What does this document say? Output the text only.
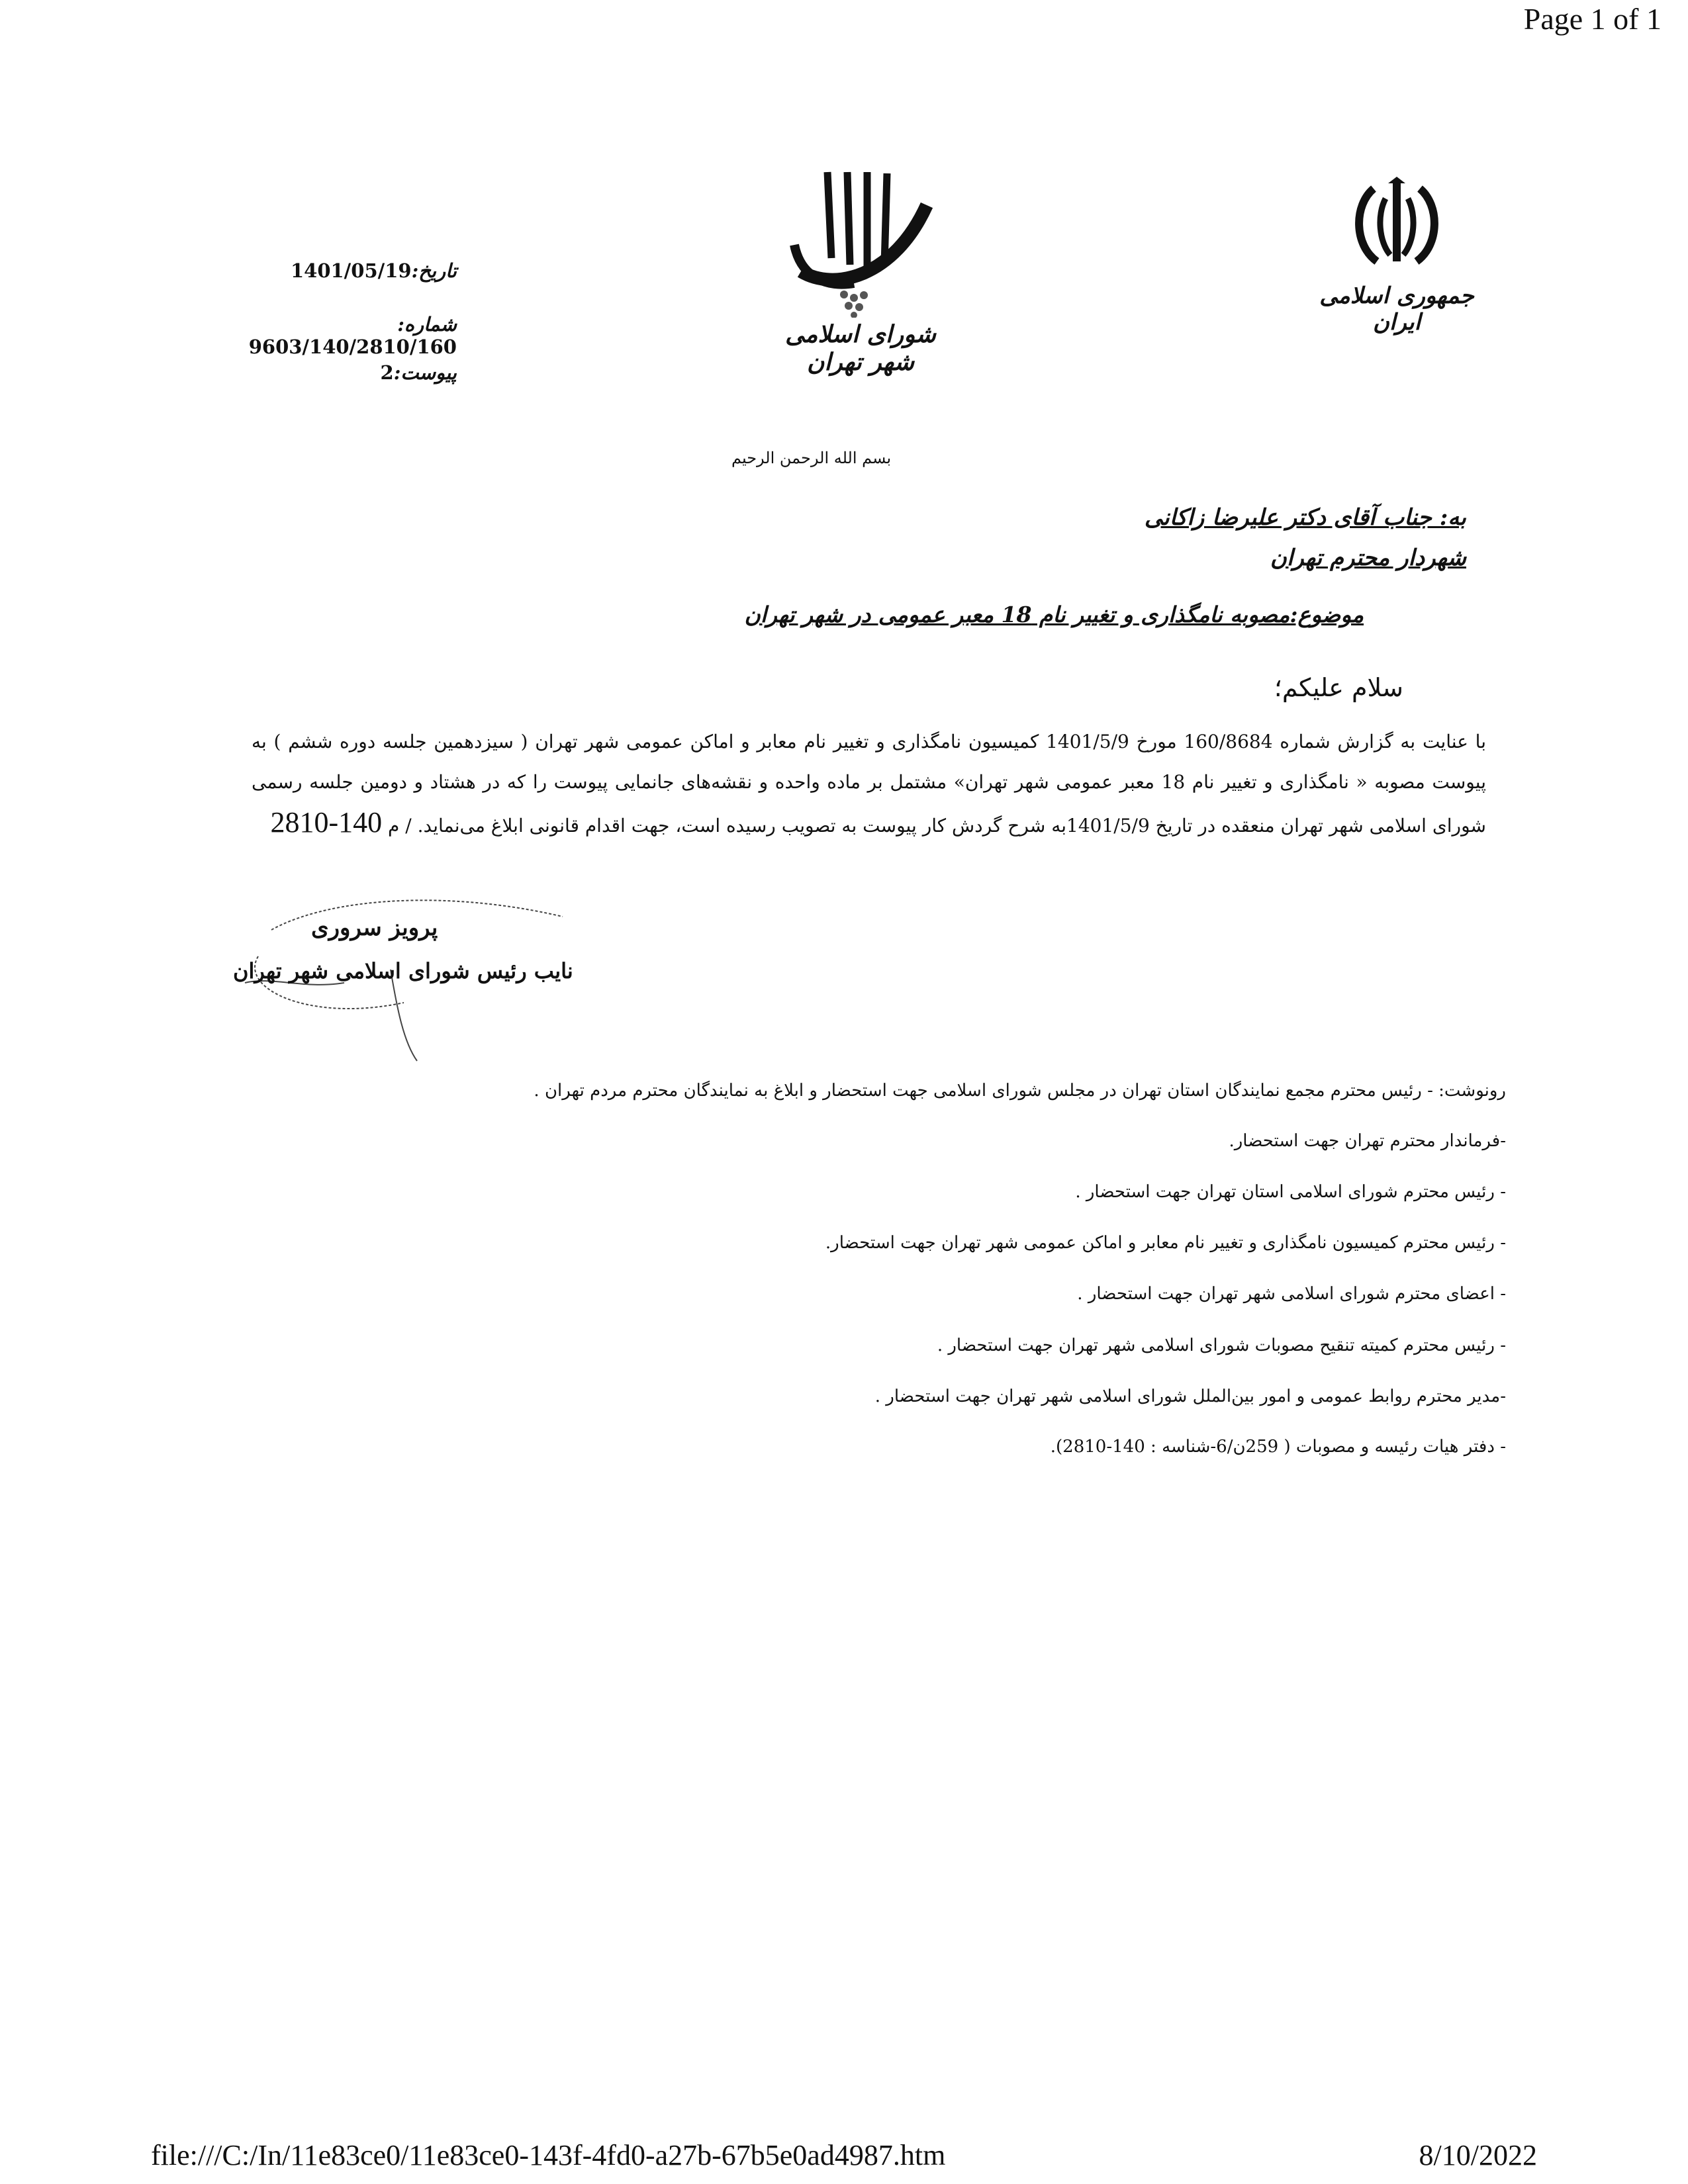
Page 1 of 1
file:///C:/In/11e83ce0/11e83ce0-143f-4fd0-a27b-67b5e0ad4987.htm	8/10/2022
جمهوری اسلامی ایران
شورای اسلامی شهر تهران
تاریخ:1401/05/19
شماره:
9603/140/2810/160
پیوست:2
بسم الله الرحمن الرحیم
به: جناب آقای دکتر علیرضا زاکانی
شهردار محترم تهران
موضوع:مصوبه نامگذاری و تغییر نام 18 معبر عمومی در شهر تهران
سلام علیکم؛
با عنایت به گزارش شماره 160/8684 مورخ 1401/5/9 کمیسیون نامگذاری و تغییر نام معابر و اماکن عمومی شهر تهران ( سیزدهمین جلسه دوره ششم ) به پیوست مصوبه « نامگذاری و تغییر نام 18 معبر عمومی شهر تهران» مشتمل بر ماده واحده و نقشه‌های جانمایی پیوست را که در هشتاد و دومین جلسه رسمی شورای اسلامی شهر تهران منعقده در تاریخ 1401/5/9به شرح گردش کار پیوست به تصویب رسیده است، جهت اقدام قانونی ابلاغ می‌نماید. / م 140-2810
پرویز سروری
نایب رئیس شورای اسلامی شهر تهران
رونوشت: - رئیس محترم مجمع نمایندگان استان تهران در مجلس شورای اسلامی جهت استحضار و ابلاغ به نمایندگان محترم مردم تهران .
-فرماندار محترم تهران جهت استحضار.
- رئیس محترم شورای اسلامی استان تهران جهت استحضار .
- رئیس محترم کمیسیون نامگذاری و تغییر نام معابر و اماکن عمومی شهر تهران جهت استحضار.
- اعضای محترم شورای اسلامی شهر تهران جهت استحضار .
- رئیس محترم کمیته تنقیح مصوبات شورای اسلامی شهر تهران جهت استحضار .
-مدیر محترم روابط عمومی و امور بین‌الملل شورای اسلامی شهر تهران جهت استحضار .
- دفتر هیات رئیسه و مصوبات ( 259ن/6-شناسه : 140-2810).
